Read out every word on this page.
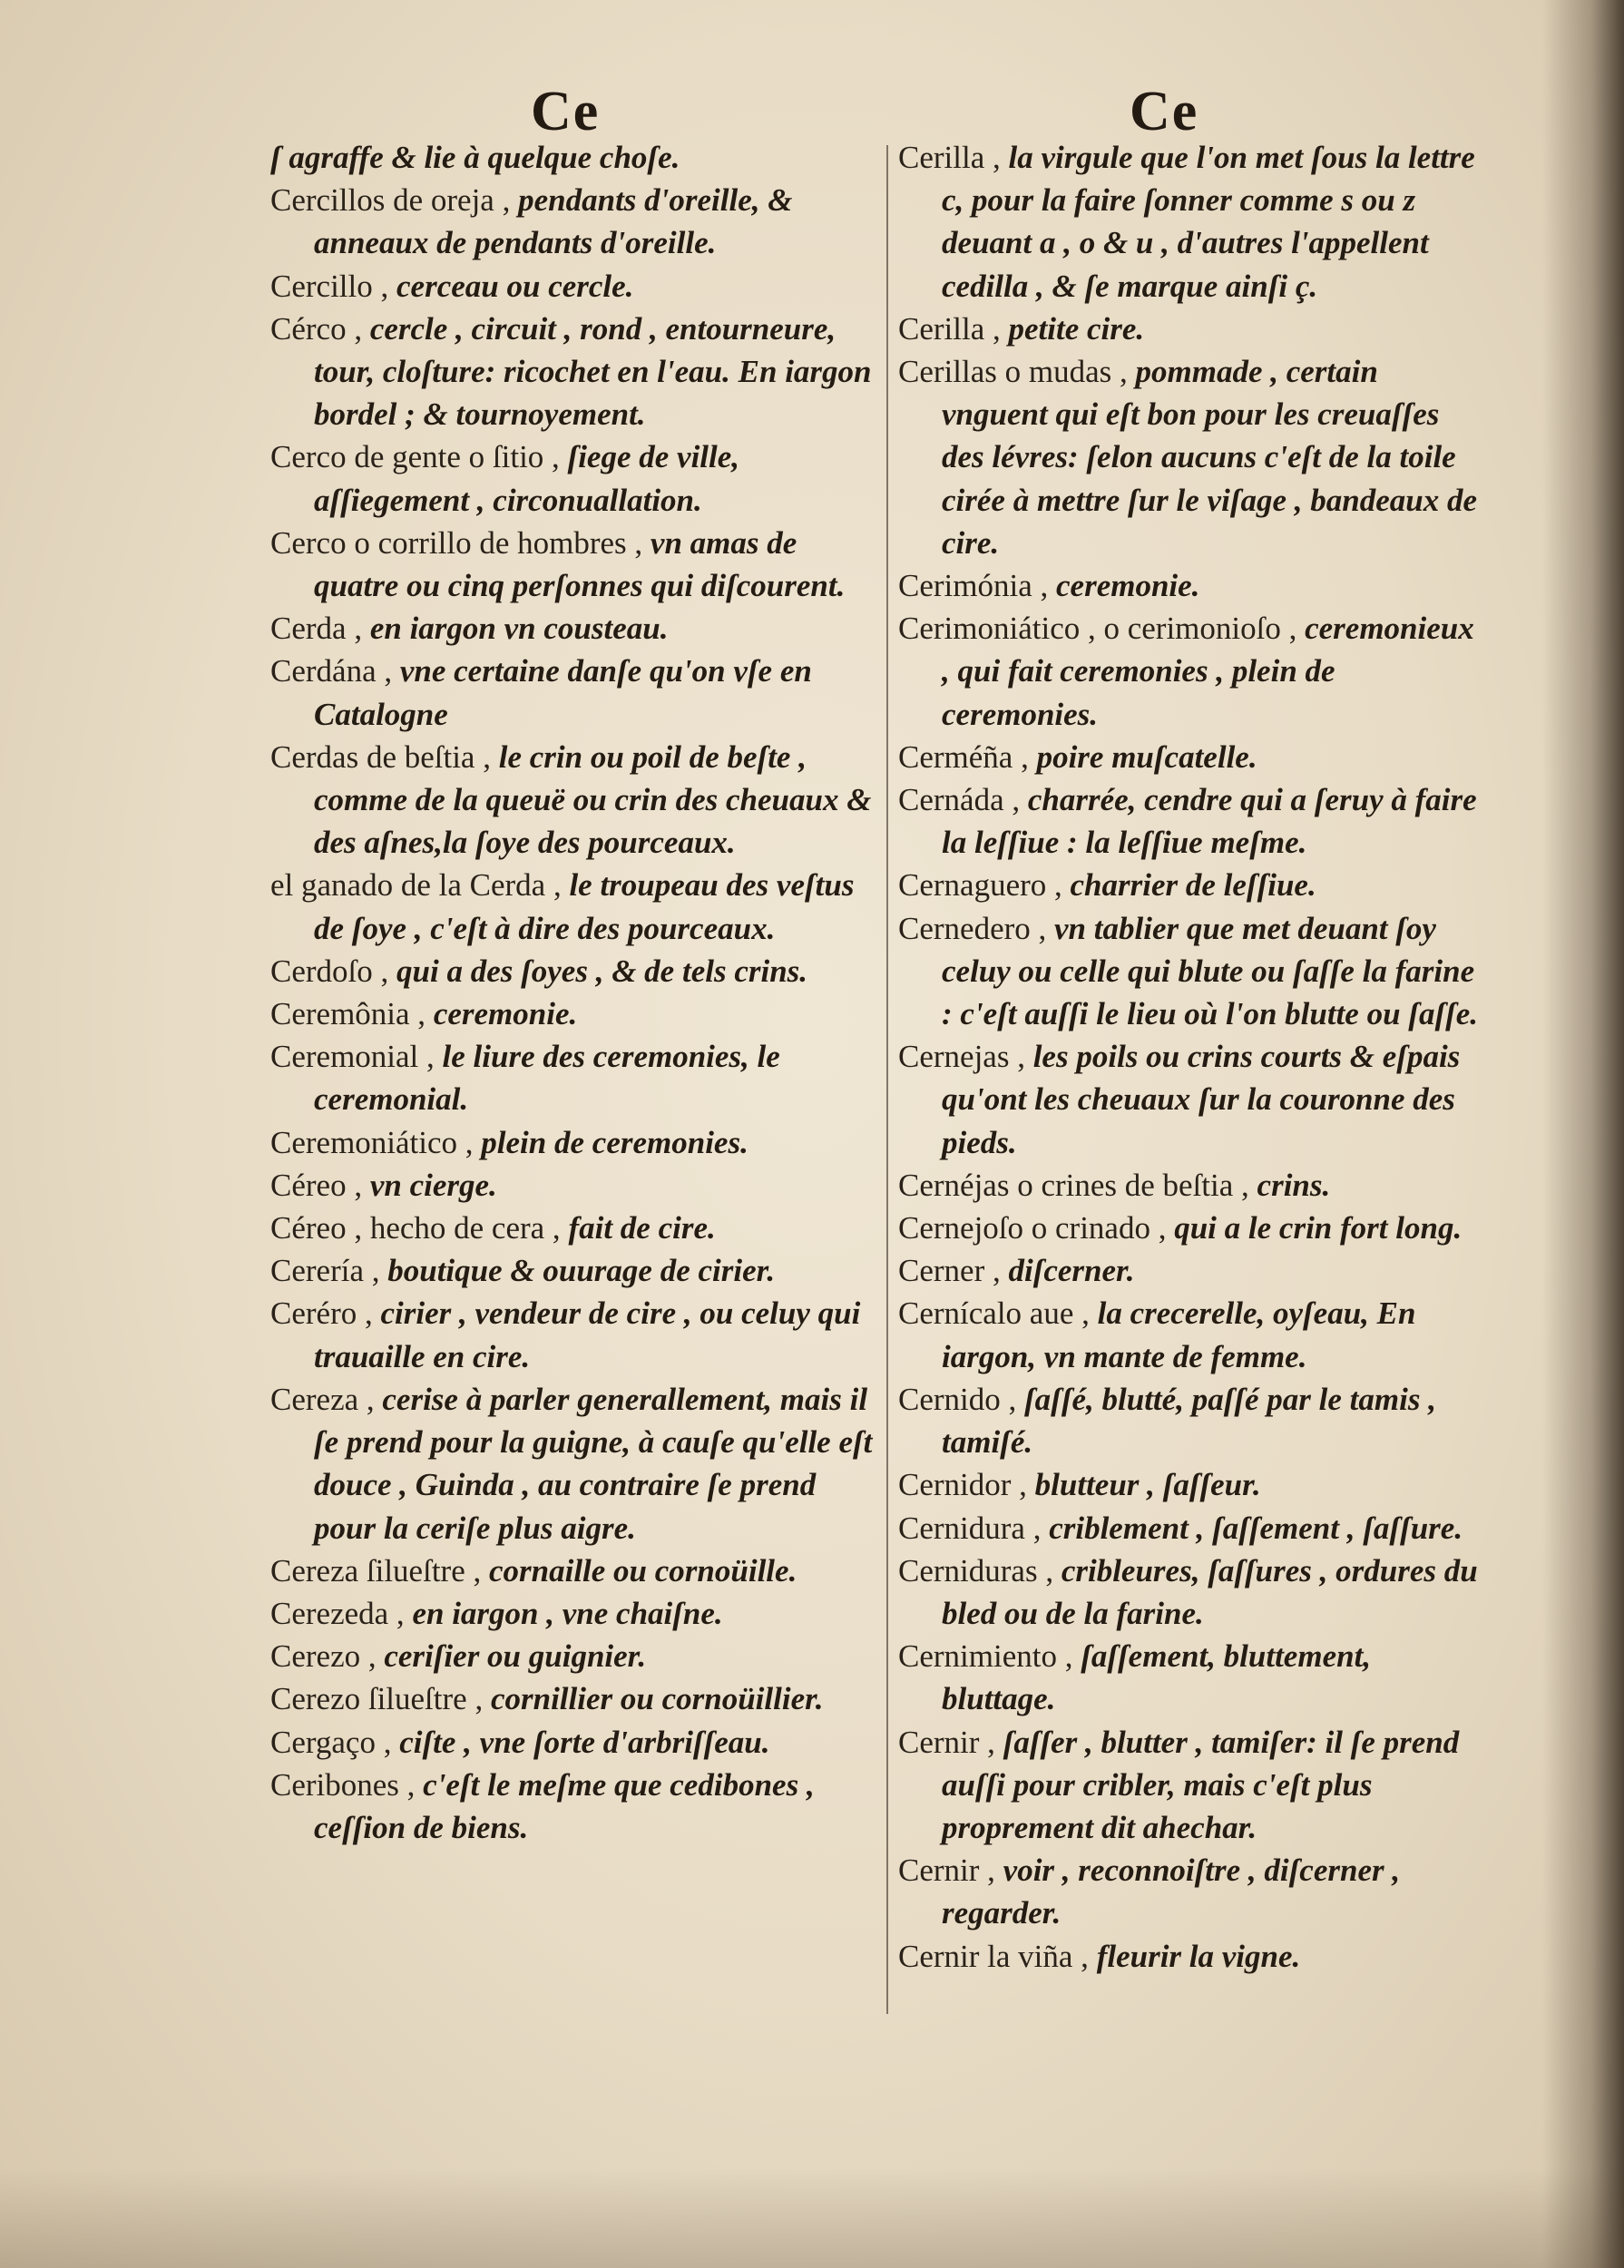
Ce	Ce

ſ agraffe & lie à quelque choſe.

Cercillos de oreja , pendants d'oreille, & anneaux de pendants d'oreille.

Cercillo , cerceau ou cercle.

Cérco , cercle , circuit , rond , entourneure, tour, cloſture: ricochet en l'eau. En iargon bordel ; & tournoyement.

Cerco de gente o ſitio , ſiege de ville, aſſiegement , circonuallation.

Cerco o corrillo de hombres , vn amas de quatre ou cinq perſonnes qui diſcourent.

Cerda , en iargon vn cousteau.

Cerdána , vne certaine danſe qu'on vſe en Catalogne

Cerdas de beſtia , le crin ou poil de beſte , comme de la queuë ou crin des cheuaux & des aſnes,la ſoye des pourceaux.

el ganado de la Cerda , le troupeau des veſtus de ſoye , c'eſt à dire des pourceaux.

Cerdoſo , qui a des ſoyes , & de tels crins.

Ceremônia , ceremonie.

Ceremonial , le liure des ceremonies, le ceremonial.

Ceremoniático , plein de ceremonies.

Céreo , vn cierge.

Céreo , hecho de cera , fait de cire.

Cerería , boutique & ouurage de cirier.

Ceréro , cirier , vendeur de cire , ou celuy qui trauaille en cire.

Cereza , cerise à parler generallement, mais il ſe prend pour la guigne, à cauſe qu'elle eſt douce , Guinda , au contraire ſe prend pour la ceriſe plus aigre.

Cereza ſilueſtre , cornaille ou cornoüille.

Cerezeda , en iargon , vne chaiſne.

Cerezo , ceriſier ou guignier.

Cerezo ſilueſtre , cornillier ou cornoüillier.

Cergaço , ciſte , vne ſorte d'arbriſſeau.

Ceribones , c'eſt le meſme que cedibones , ceſſion de biens.

Cerilla , la virgule que l'on met ſous la lettre c, pour la faire ſonner comme s ou z deuant a , o & u , d'autres l'appellent cedilla , & ſe marque ainſi ç.

Cerilla , petite cire.

Cerillas o mudas , pommade , certain vnguent qui eſt bon pour les creuaſſes des lévres: ſelon aucuns c'eſt de la toile cirée à mettre ſur le viſage , bandeaux de cire.

Cerimónia , ceremonie.

Cerimoniático , o cerimonioſo , ceremonieux , qui fait ceremonies , plein de ceremonies.

Cerméña , poire muſcatelle.

Cernáda , charrée, cendre qui a ſeruy à faire la leſſiue : la leſſiue meſme.

Cernaguero , charrier de leſſiue.

Cernedero , vn tablier que met deuant ſoy celuy ou celle qui blute ou ſaſſe la farine : c'eſt auſſi le lieu où l'on blutte ou ſaſſe.

Cernejas , les poils ou crins courts & eſpais qu'ont les cheuaux ſur la couronne des pieds.

Cernéjas o crines de beſtia , crins.

Cernejoſo o crinado , qui a le crin fort long.

Cerner , diſcerner.

Cernícalo aue , la crecerelle, oyſeau, En iargon, vn mante de femme.

Cernido , ſaſſé, blutté, paſſé par le tamis , tamiſé.

Cernidor , blutteur , ſaſſeur.

Cernidura , criblement , ſaſſement , ſaſſure.

Cerniduras , cribleures, ſaſſures , ordures du bled ou de la farine.

Cernimiento , ſaſſement, bluttement, bluttage.

Cernir , ſaſſer , blutter , tamiſer: il ſe prend auſſi pour cribler, mais c'eſt plus proprement dit ahechar.

Cernir , voir , reconnoiſtre , diſcerner , regarder.

Cernir la viña , fleurir la vigne.
